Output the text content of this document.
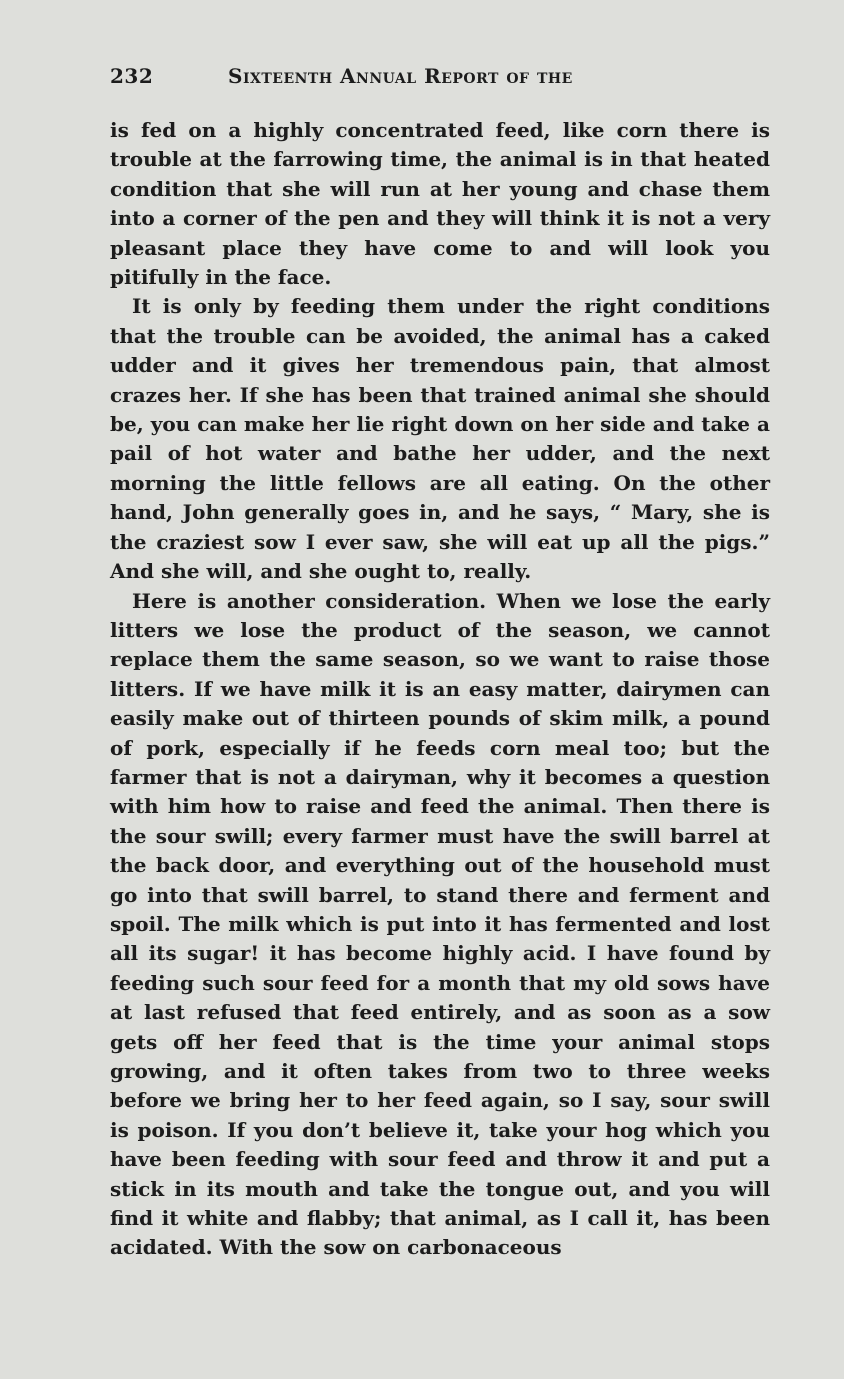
232	Sixteenth Annual Report of the

is fed on a highly concentrated feed, like corn there is trouble at the farrowing time, the animal is in that heated condition that she will run at her young and chase them into a corner of the pen and they will think it is not a very pleasant place they have come to and will look you pitifully in the face.

It is only by feeding them under the right conditions that the trouble can be avoided, the animal has a caked udder and it gives her tremendous pain, that almost crazes her. If she has been that trained animal she should be, you can make her lie right down on her side and take a pail of hot water and bathe her udder, and the next morning the little fellows are all eating. On the other hand, John generally goes in, and he says, “ Mary, she is the craziest sow I ever saw, she will eat up all the pigs.” And she will, and she ought to, really.

Here is another consideration. When we lose the early litters we lose the product of the season, we cannot replace them the same season, so we want to raise those litters. If we have milk it is an easy matter, dairymen can easily make out of thirteen pounds of skim milk, a pound of pork, especially if he feeds corn meal too; but the farmer that is not a dairyman, why it becomes a question with him how to raise and feed the animal. Then there is the sour swill; every farmer must have the swill barrel at the back door, and everything out of the household must go into that swill barrel, to stand there and ferment and spoil. The milk which is put into it has fermented and lost all its sugar! it has become highly acid. I have found by feeding such sour feed for a month that my old sows have at last refused that feed entirely, and as soon as a sow gets off her feed that is the time your animal stops growing, and it often takes from two to three weeks before we bring her to her feed again, so I say, sour swill is poison. If you don’t believe it, take your hog which you have been feeding with sour feed and throw it and put a stick in its mouth and take the tongue out, and you will find it white and flabby; that animal, as I call it, has been acidated. With the sow on carbonaceous
